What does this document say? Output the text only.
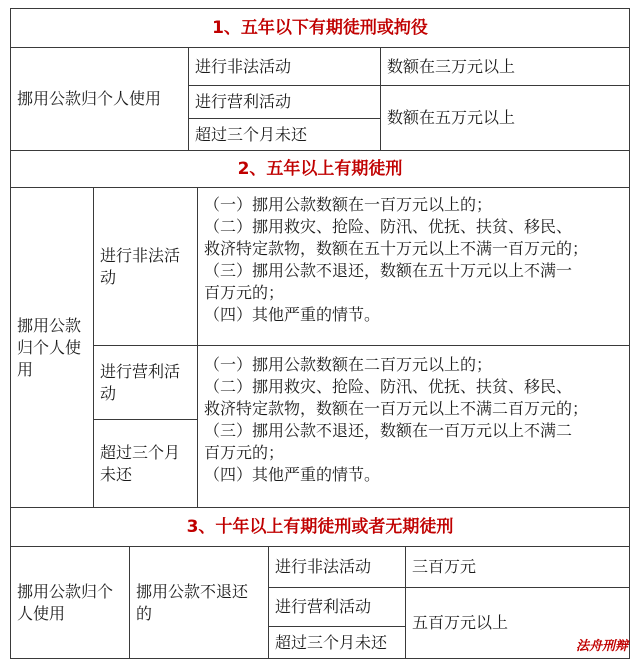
1、五年以下有期徒刑或拘役
挪用公款归个人使用
进行非法活动
进行营利活动
超过三个月未还
数额在三万元以上
数额在五万元以上
2、五年以上有期徒刑
挪用公款归个人使用
进行非法活动
进行营利活动
超过三个月未还
（一）挪用公款数额在一百万元以上的；
（二）挪用救灾、抢险、防汛、优抚、扶贫、移民、
救济特定款物，数额在五十万元以上不满一百万元的；
（三）挪用公款不退还，数额在五十万元以上不满一
百万元的；
（四）其他严重的情节。
（一）挪用公款数额在二百万元以上的；
（二）挪用救灾、抢险、防汛、优抚、扶贫、移民、
救济特定款物，数额在一百万元以上不满二百万元的；
（三）挪用公款不退还，数额在一百万元以上不满二
百万元的；
（四）其他严重的情节。
3、十年以上有期徒刑或者无期徒刑
挪用公款归个人使用
挪用公款不退还的
进行非法活动
进行营利活动
超过三个月未还
三百万元
五百万元以上
法舟刑辩
